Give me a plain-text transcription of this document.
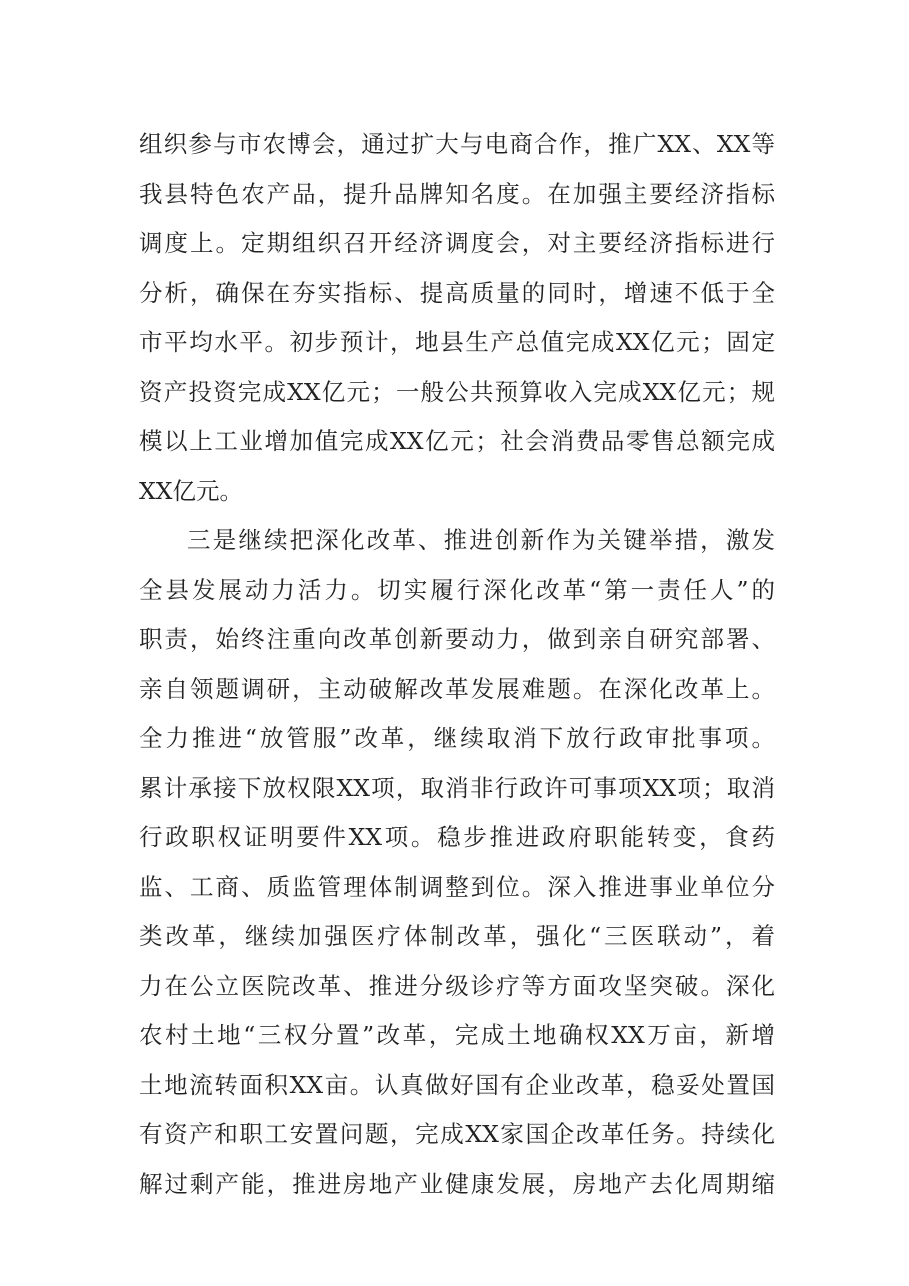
组织参与市农博会，通过扩大与电商合作，推广XX、XX等
我县特色农产品，提升品牌知名度。在加强主要经济指标
调度上。定期组织召开经济调度会，对主要经济指标进行
分析，确保在夯实指标、提高质量的同时，增速不低于全
市平均水平。初步预计，地县生产总值完成XX亿元；固定
资产投资完成XX亿元；一般公共预算收入完成XX亿元；规
模以上工业增加值完成XX亿元；社会消费品零售总额完成
XX亿元。
三是继续把深化改革、推进创新作为关键举措，激发
全县发展动力活力。切实履行深化改革“第一责任人”的
职责，始终注重向改革创新要动力，做到亲自研究部署、
亲自领题调研，主动破解改革发展难题。在深化改革上。
全力推进“放管服”改革，继续取消下放行政审批事项。
累计承接下放权限XX项，取消非行政许可事项XX项；取消
行政职权证明要件XX项。稳步推进政府职能转变，食药
监、工商、质监管理体制调整到位。深入推进事业单位分
类改革，继续加强医疗体制改革，强化“三医联动”，着
力在公立医院改革、推进分级诊疗等方面攻坚突破。深化
农村土地“三权分置”改革，完成土地确权XX万亩，新增
土地流转面积XX亩。认真做好国有企业改革，稳妥处置国
有资产和职工安置问题，完成XX家国企改革任务。持续化
解过剩产能，推进房地产业健康发展，房地产去化周期缩
